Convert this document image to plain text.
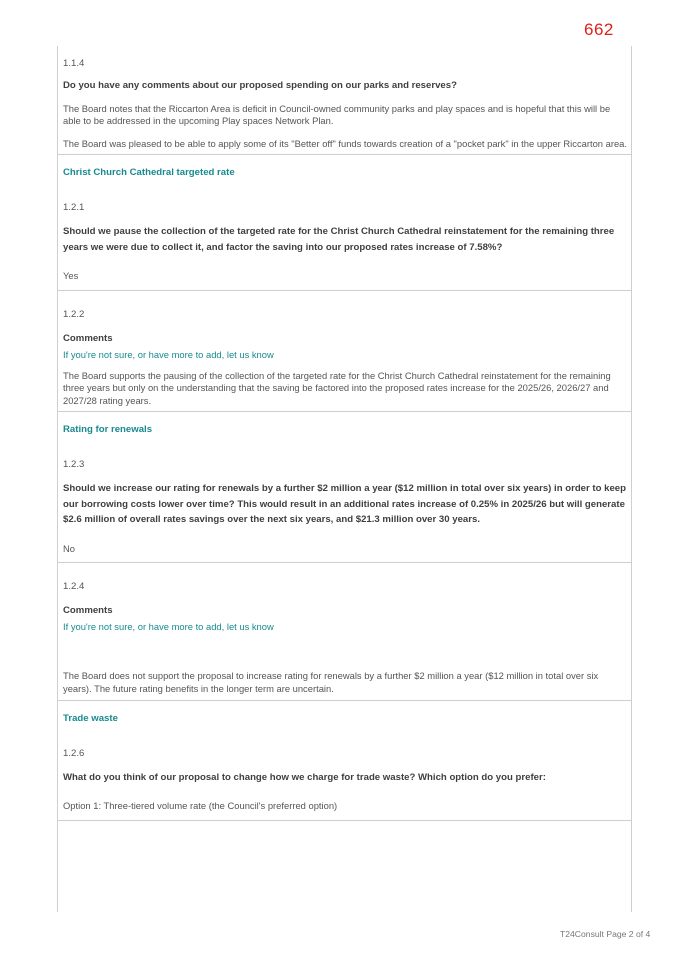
662

1.1.4

Do you have any comments about our proposed spending on our parks and reserves?

The Board notes that the Riccarton Area is deficit in Council-owned community parks and play spaces and is hopeful that this will be able to be addressed in the upcoming Play spaces Network Plan.

The Board was pleased to be able to apply some of its "Better off" funds towards creation of a "pocket park" in the upper Riccarton area.

Christ Church Cathedral targeted rate

1.2.1

Should we pause the collection of the targeted rate for the Christ Church Cathedral reinstatement for the remaining three years we were due to collect it, and factor the saving into our proposed rates increase of 7.58%?

Yes

1.2.2

Comments

If you're not sure, or have more to add, let us know

The Board supports the pausing of the collection of the targeted rate for the Christ Church Cathedral reinstatement for the remaining three years but only on the understanding that the saving be factored into the proposed rates increase for the 2025/26, 2026/27 and 2027/28 rating years.

Rating for renewals

1.2.3

Should we increase our rating for renewals by a further $2 million a year ($12 million in total over six years) in order to keep our borrowing costs lower over time? This would result in an additional rates increase of 0.25% in 2025/26 but will generate $2.6 million of overall rates savings over the next six years, and $21.3 million over 30 years.

No

1.2.4

Comments

If you're not sure, or have more to add, let us know

The Board does not support the proposal to increase rating for renewals by a further $2 million a year ($12 million in total over six years). The future rating benefits in the longer term are uncertain.

Trade waste

1.2.6

What do you think of our proposal to change how we charge for trade waste? Which option do you prefer:

Option 1: Three-tiered volume rate (the Council's preferred option)

T24Consult Page 2 of 4
